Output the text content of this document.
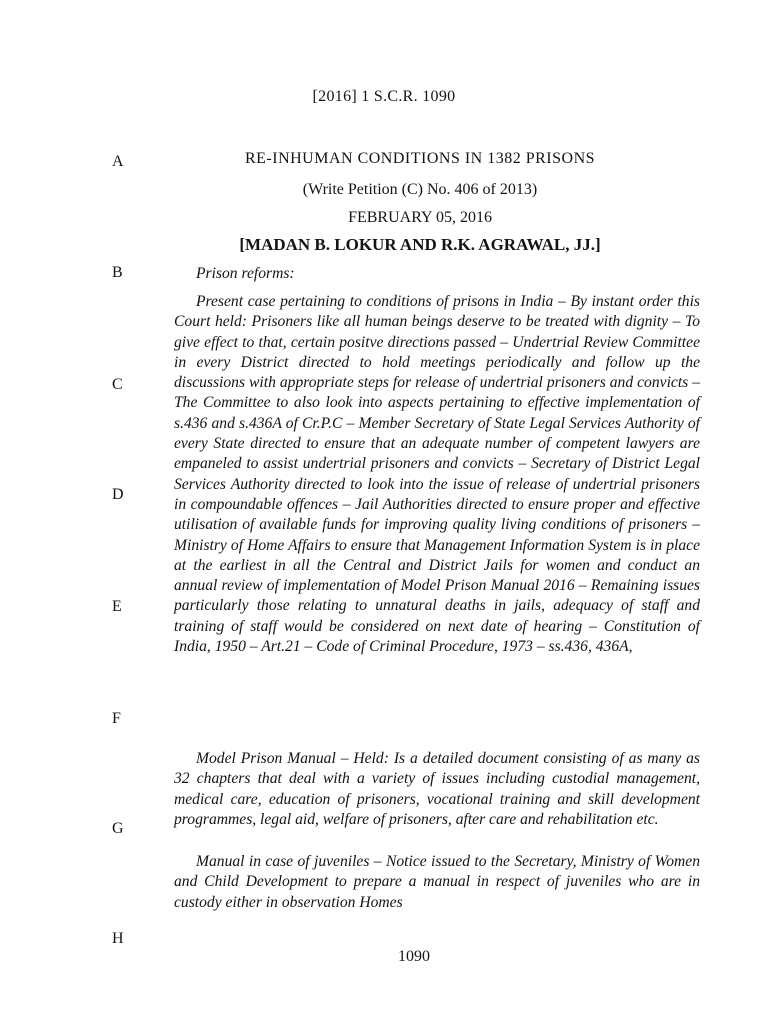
[2016] 1 S.C.R. 1090
RE-INHUMAN CONDITIONS IN 1382 PRISONS
(Write Petition (C) No. 406 of 2013)
FEBRUARY 05, 2016
[MADAN B. LOKUR AND R.K. AGRAWAL, JJ.]
A
B
C
D
E
F
G
H
Prison reforms:
Present case pertaining to conditions of prisons in India – By instant order this Court held: Prisoners like all human beings deserve to be treated with dignity – To give effect to that, certain positve directions passed – Undertrial Review Committee in every District directed to hold meetings periodically and follow up the discussions with appropriate steps for release of undertrial prisoners and convicts – The Committee to also look into aspects pertaining to effective implementation of s.436 and s.436A of Cr.P.C – Member Secretary of State Legal Services Authority of every State directed to ensure that an adequate number of competent lawyers are empaneled to assist undertrial prisoners and convicts – Secretary of District Legal Services Authority directed to look into the issue of release of undertrial prisoners in compoundable offences – Jail Authorities directed to ensure proper and effective utilisation of available funds for improving quality living conditions of prisoners – Ministry of Home Affairs to ensure that Management Information System is in place at the earliest in all the Central and District Jails for women and conduct an annual review of implementation of Model Prison Manual 2016 – Remaining issues particularly those relating to unnatural deaths in jails, adequacy of staff and training of staff would be considered on next date of hearing – Constitution of India, 1950 – Art.21 – Code of Criminal Procedure, 1973 – ss.436, 436A,
Model Prison Manual – Held: Is a detailed document consisting of as many as 32 chapters that deal with a variety of issues including custodial management, medical care, education of prisoners, vocational training and skill development programmes, legal aid, welfare of prisoners, after care and rehabilitation etc.
Manual in case of juveniles – Notice issued to the Secretary, Ministry of Women and Child Development to prepare a manual in respect of juveniles who are in custody either in observation Homes
1090
